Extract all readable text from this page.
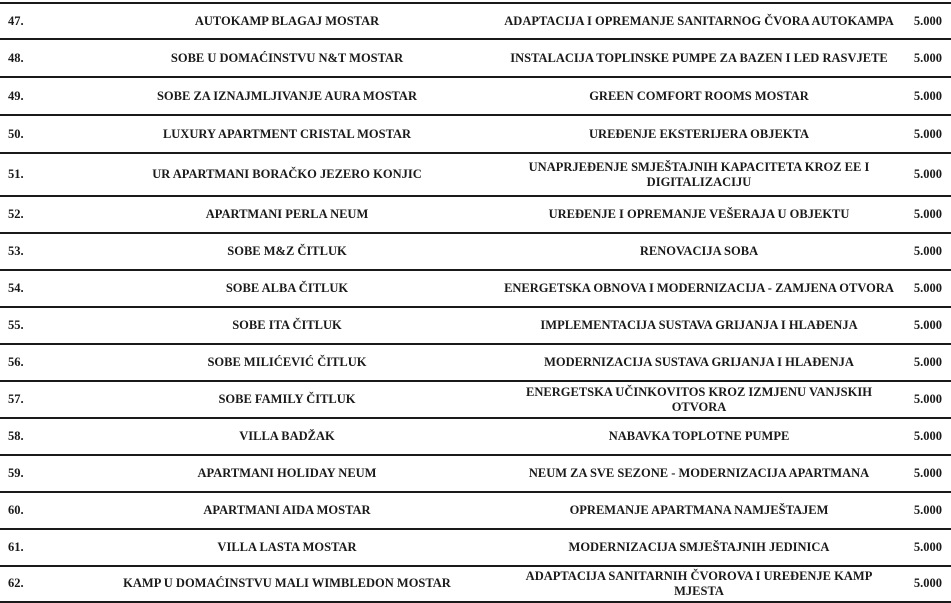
47.	AUTOKAMP BLAGAJ MOSTAR	ADAPTACIJA I OPREMANJE SANITARNOG ČVORA AUTOKAMPA	5.000
48.	SOBE U DOMAĆINSTVU N&T MOSTAR	INSTALACIJA TOPLINSKE PUMPE ZA BAZEN I LED RASVJETE	5.000
49.	SOBE ZA IZNAJMLJIVANJE AURA MOSTAR	GREEN COMFORT ROOMS MOSTAR	5.000
50.	LUXURY APARTMENT CRISTAL MOSTAR	UREĐENJE EKSTERIJERA OBJEKTA	5.000
51.	UR APARTMANI BORAČKO JEZERO KONJIC	UNAPRJEĐENJE SMJEŠTAJNIH KAPACITETA KROZ EE I DIGITALIZACIJU	5.000
52.	APARTMANI PERLA NEUM	UREĐENJE I OPREMANJE VEŠERAJA U OBJEKTU	5.000
53.	SOBE M&Z ČITLUK	RENOVACIJA SOBA	5.000
54.	SOBE ALBA ČITLUK	ENERGETSKA OBNOVA I MODERNIZACIJA - ZAMJENA OTVORA	5.000
55.	SOBE ITA ČITLUK	IMPLEMENTACIJA SUSTAVA GRIJANJA I HLAĐENJA	5.000
56.	SOBE MILIĆEVIĆ ČITLUK	MODERNIZACIJA SUSTAVA GRIJANJA I HLAĐENJA	5.000
57.	SOBE FAMILY ČITLUK	ENERGETSKA UČINKOVITOS KROZ IZMJENU VANJSKIH OTVORA	5.000
58.	VILLA BADŽAK	NABAVKA TOPLOTNE PUMPE	5.000
59.	APARTMANI HOLIDAY NEUM	NEUM ZA SVE SEZONE - MODERNIZACIJA APARTMANA	5.000
60.	APARTMANI AIDA MOSTAR	OPREMANJE APARTMANA NAMJEŠTAJEM	5.000
61.	VILLA LASTA MOSTAR	MODERNIZACIJA SMJEŠTAJNIH JEDINICA	5.000
62.	KAMP U DOMAĆINSTVU MALI WIMBLEDON MOSTAR	ADAPTACIJA SANITARNIH ČVOROVA I UREĐENJE KAMP MJESTA	5.000
